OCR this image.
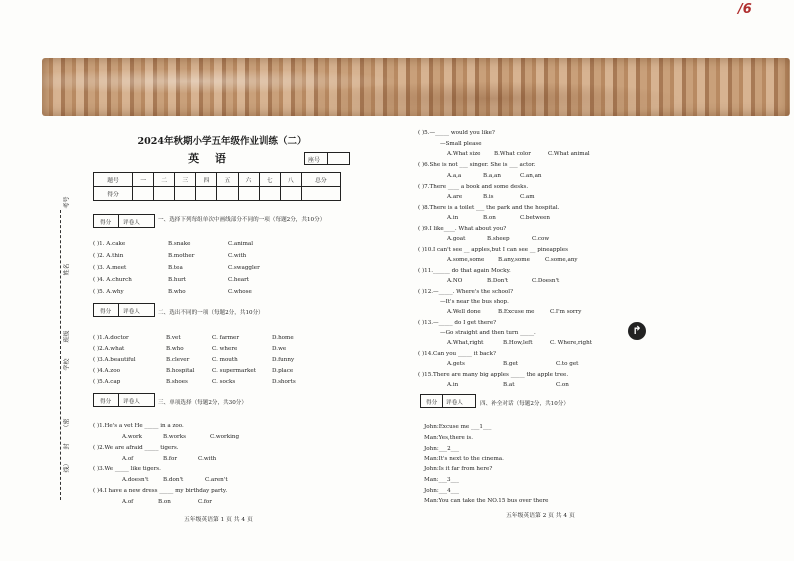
/6
2024年秋期小学五年级作业训练（二）
英 语	座号
题号	一	二	三	四	五	六	七	八	总分
得分									
考号
姓名
班级
学校
（密
封
线）
得分 评卷人	一、选择下列每组单次中画线部分不同的一项（每题2分，共10分）
( )1. A.cake	B.snake	C.animal
( )2. A.thin	B.mother	C.with
( )3. A.meet	B.tea	C.swaggler
( )4. A.church	B.hurt	C.heart
( )5. A.why	B.who	C.whose
得分 评卷人	二、选出不同的一项（每题2分，共10分）
( )1.A.doctor	B.vet	C. farmer	D.home
( )2.A.what	B.who	C. where	D.we
( )3.A.beautiful	B.clever	C. mouth	D.funny
( )4.A.zoo	B.hospital	C. supermarket	D.place
( )5.A.cap	B.shoes	C. socks	D.shorts
得分 评卷人	三、单项选择（每题2分，共30分）
( )1.He's a vet He _____ in a zoo.
A.work	B.works	C.working
( )2.We are afraid _____ tigers.
A.of	B.for	C.with
( )3.We _____ like tigers.
A.doesn't	B.don't	C.aren't
( )4.I have a new dress _____ my birthday party.
A.of	B.on	C.for
五年级英语第 1 页 共 4 页
( )5.—_____ would you like?
—Small please
A.What size B.What color	C.What animal
( )6.She is not ___ singer. She is ___ actor.
A.a,a	B.a,an	C.an,an
( )7.There ____ a book and some desks.
A.are	B.is	C.am
( )8.There is a toilet ___ the park and the hospital.
A.in	B.on	C.between
( )9.I like____. What about you?
A.goat	B.sheep	C.cow
( )10.I can't see __ apples,but I can see __ pineapples
A.some,some B.any,some	C.some,any
( )11.______ do that again Mocky.
A.NO	B.Don't	C.Doesn't
( )12.—_____. Where's the school?
—It's near the bus shop.
A.Well done	B.Excuse me	C.I'm sorry
( )13.—_____ do I get there?
—Go straight and then turn _____.
A.What,right	B.How,left	C. Where,right
( )14.Can you _____ it back?
A.gets	B.get	C.to get
( )15.There are many big apples _____ the apple tree.
A.in	B.at	C.on
得分 评卷人	四、补全对话（每题2分，共10分）
John:Excuse me ___1___
Man:Yes,there is.
John:___2___
Man:It's next to the cinema.
John:Is it far from here?
Man:___3___
John:___4___
Man:You can take the NO.15 bus over there
五年级英语第 2 页 共 4 页
↱
